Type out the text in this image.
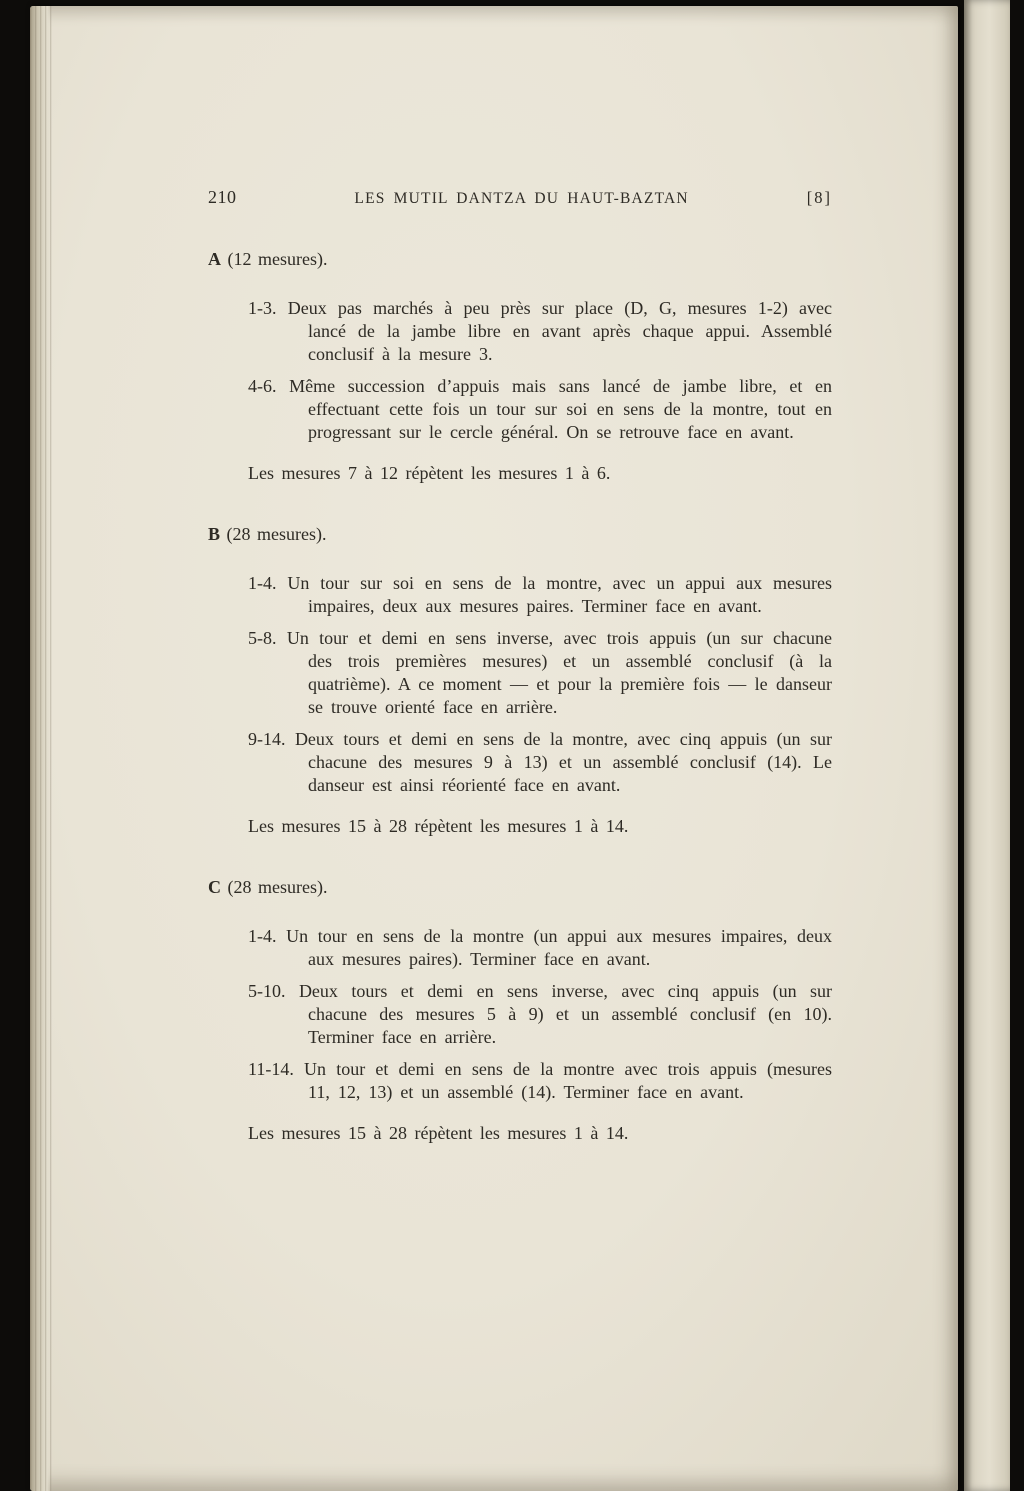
210	LES MUTIL DANTZA DU HAUT-BAZTAN	[8]

A (12 mesures).

1-3. Deux pas marchés à peu près sur place (D, G, mesures 1-2) avec lancé de la jambe libre en avant après chaque appui. Assemblé conclusif à la mesure 3.

4-6. Même succession d’appuis mais sans lancé de jambe libre, et en effectuant cette fois un tour sur soi en sens de la montre, tout en progressant sur le cercle général. On se retrouve face en avant.

Les mesures 7 à 12 répètent les mesures 1 à 6.

B (28 mesures).

1-4. Un tour sur soi en sens de la montre, avec un appui aux mesures impaires, deux aux mesures paires. Terminer face en avant.

5-8. Un tour et demi en sens inverse, avec trois appuis (un sur chacune des trois premières mesures) et un assemblé conclusif (à la quatrième). A ce moment — et pour la première fois — le danseur se trouve orienté face en arrière.

9-14. Deux tours et demi en sens de la montre, avec cinq appuis (un sur chacune des mesures 9 à 13) et un assemblé conclusif (14). Le danseur est ainsi réorienté face en avant.

Les mesures 15 à 28 répètent les mesures 1 à 14.

C (28 mesures).

1-4. Un tour en sens de la montre (un appui aux mesures impaires, deux aux mesures paires). Terminer face en avant.

5-10. Deux tours et demi en sens inverse, avec cinq appuis (un sur chacune des mesures 5 à 9) et un assemblé conclusif (en 10). Terminer face en arrière.

11-14. Un tour et demi en sens de la montre avec trois appuis (mesures 11, 12, 13) et un assemblé (14). Terminer face en avant.

Les mesures 15 à 28 répètent les mesures 1 à 14.
